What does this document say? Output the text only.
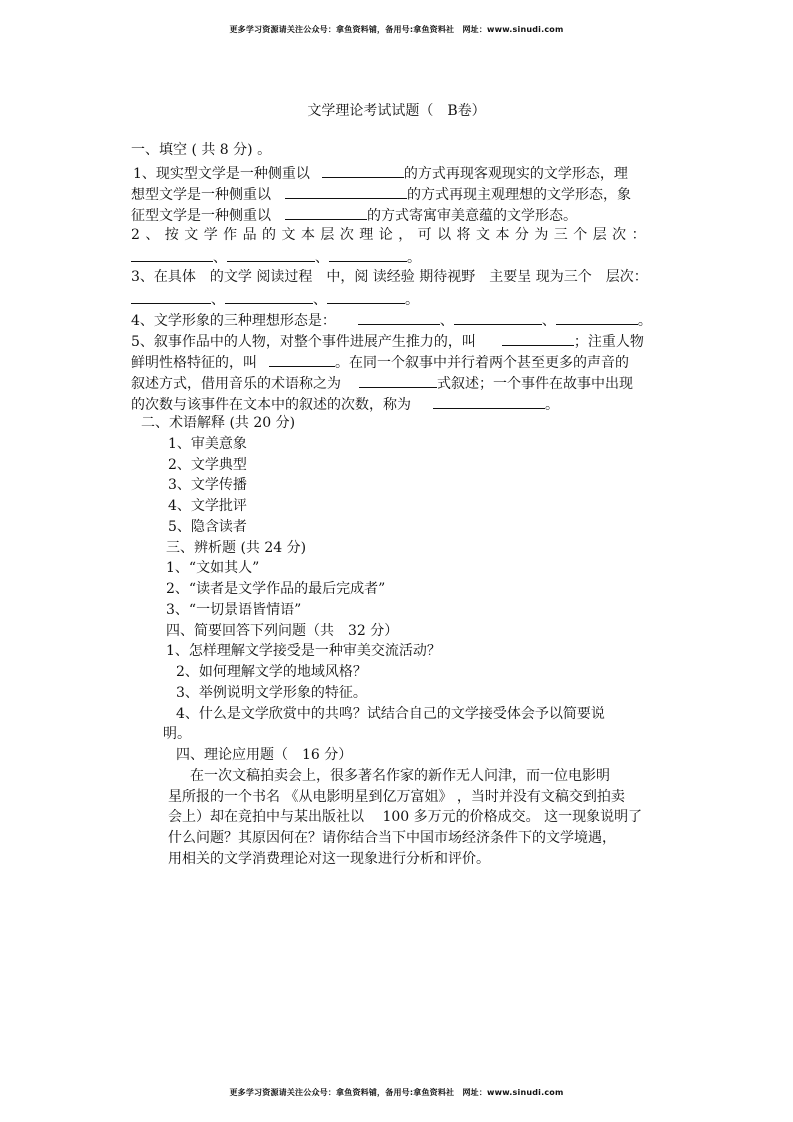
更多学习资源请关注公众号：拿鱼资料铺，备用号:拿鱼资料社　网址：www.sinudi.com
文学理论考试试题（　B卷）
一、填空 ( 共 8 分) 。
1、现实型文学是一种侧重以	的方式再现客观现实的文学形态，理
想型文学是一种侧重以	的方式再现主观理想的文学形态，象
征型文学是一种侧重以	的方式寄寓审美意蕴的文学形态。
2 、 按 文 学 作 品 的 文 本 层 次 理 论 ， 可 以 将 文 本 分 为 三 个 层 次 ：
、	、	。
3、在具体　的文学 阅读过程　中，阅 读经验 期待视野　主要呈 现为三个　层次：
、	、	。
4、文学形象的三种理想形态是：	、	、	。
5、叙事作品中的人物，对整个事件进展产生推力的，叫	；注重人物
鲜明性格特征的，叫	。在同一个叙事中并行着两个甚至更多的声音的
叙述方式，借用音乐的术语称之为	式叙述；一个事件在故事中出现
的次数与该事件在文本中的叙述的次数，称为	。
二、术语解释 (共 20 分)
1、审美意象
2、文学典型
3、文学传播
4、文学批评
5、隐含读者
三、辨析题 (共 24 分)
1、“文如其人”
2、“读者是文学作品的最后完成者”
3、“一切景语皆情语”
四、简要回答下列问题（共　32 分）
1、怎样理解文学接受是一种审美交流活动？
2、如何理解文学的地域风格？
3、举例说明文学形象的特征。
4、什么是文学欣赏中的共鸣？试结合自己的文学接受体会予以简要说
明。
四、理论应用题（　16 分）
在一次文稿拍卖会上，很多著名作家的新作无人问津，而一位电影明
星所报的一个书名 《从电影明星到亿万富姐》 ，当时并没有文稿交到拍卖
会上）却在竞拍中与某出版社以　 100 多万元的价格成交。 这一现象说明了
什么问题？其原因何在？请你结合当下中国市场经济条件下的文学境遇，
用相关的文学消费理论对这一现象进行分析和评价。
更多学习资源请关注公众号：拿鱼资料铺，备用号:拿鱼资料社　网址：www.sinudi.com
